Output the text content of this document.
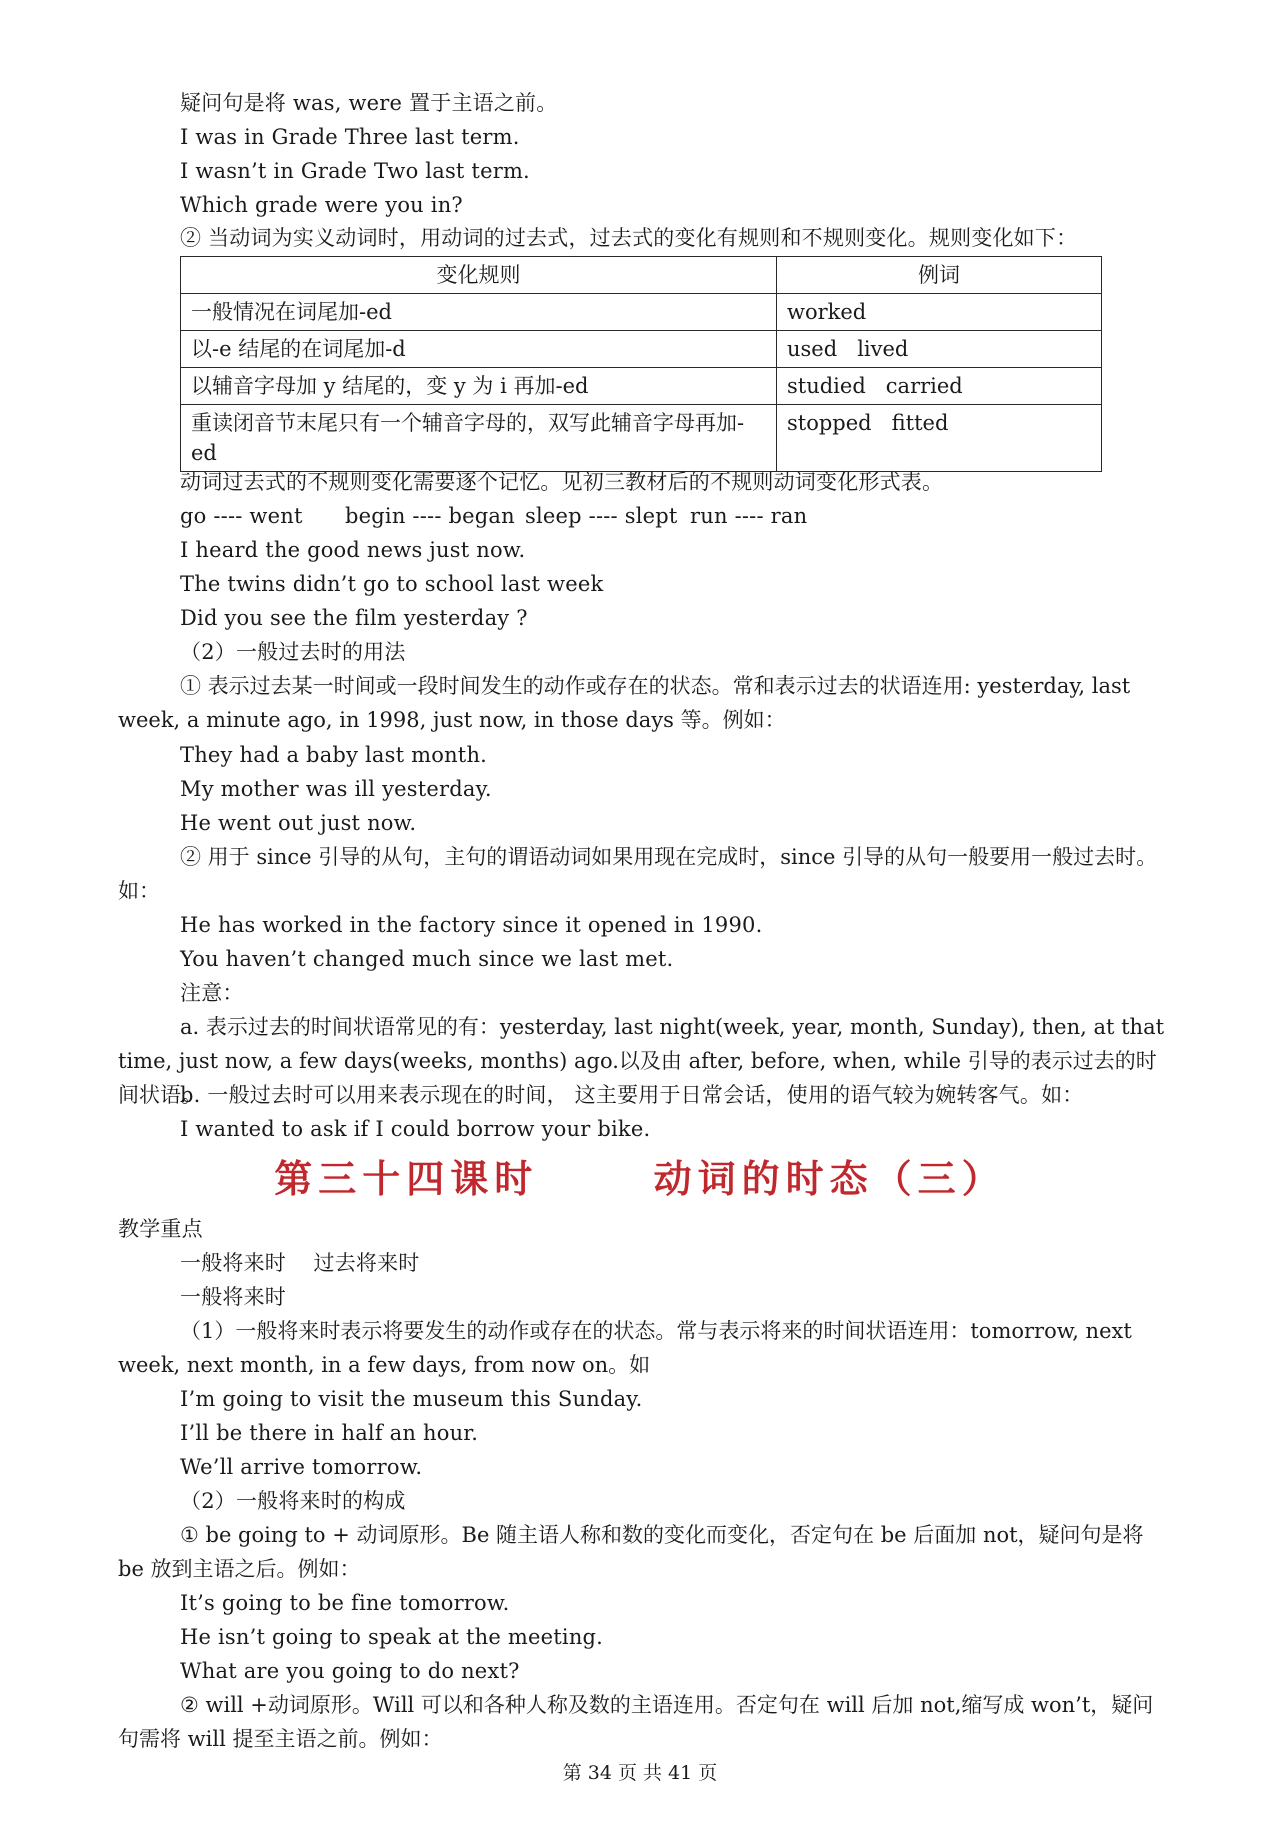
疑问句是将 was, were 置于主语之前。
I was in Grade Three last term.
I wasn’t in Grade Two last term.
Which grade were you in?
② 当动词为实义动词时，用动词的过去式，过去式的变化有规则和不规则变化。规则变化如下：
变化规则	例词
一般情况在词尾加-ed	worked
以-e 结尾的在词尾加-d	used   lived
以辅音字母加 y 结尾的，变 y 为 i 再加-ed	studied   carried
重读闭音节末尾只有一个辅音字母的，双写此辅音字母再加-ed	stopped   fitted
动词过去式的不规则变化需要逐个记忆。见初三教材后的不规则动词变化形式表。
go ---- went begin ---- began sleep ---- slept run ---- ran
I heard the good news just now.
The twins didn’t go to school last week
Did you see the film yesterday ?
（2）一般过去时的用法
① 表示过去某一时间或一段时间发生的动作或存在的状态。常和表示过去的状语连用: yesterday, last week, a minute ago, in 1998, just now, in those days 等。例如：
They had a baby last month.
My mother was ill yesterday.
He went out just now.
② 用于 since 引导的从句，主句的谓语动词如果用现在完成时，since 引导的从句一般要用一般过去时。如：
He has worked in the factory since it opened in 1990.
You haven’t changed much since we last met.
注意：
a. 表示过去的时间状语常见的有：yesterday, last night(week, year, month, Sunday), then, at that time, just now, a few days(weeks, months) ago.以及由 after, before, when, while 引导的表示过去的时间状语。
b. 一般过去时可以用来表示现在的时间， 这主要用于日常会话，使用的语气较为婉转客气。如：
I wanted to ask if I could borrow your bike.
第三十四课时      动词的时态（三）
教学重点
一般将来时    过去将来时
一般将来时
（1）一般将来时表示将要发生的动作或存在的状态。常与表示将来的时间状语连用：tomorrow, next week, next month, in a few days, from now on。如
I’m going to visit the museum this Sunday.
I’ll be there in half an hour.
We’ll arrive tomorrow.
（2）一般将来时的构成
① be going to + 动词原形。Be 随主语人称和数的变化而变化，否定句在 be 后面加 not，疑问句是将 be 放到主语之后。例如：
It’s going to be fine tomorrow.
He isn’t going to speak at the meeting.
What are you going to do next?
② will +动词原形。Will 可以和各种人称及数的主语连用。否定句在 will 后加 not,缩写成 won’t，疑问句需将 will 提至主语之前。例如：
第 34 页 共 41 页
